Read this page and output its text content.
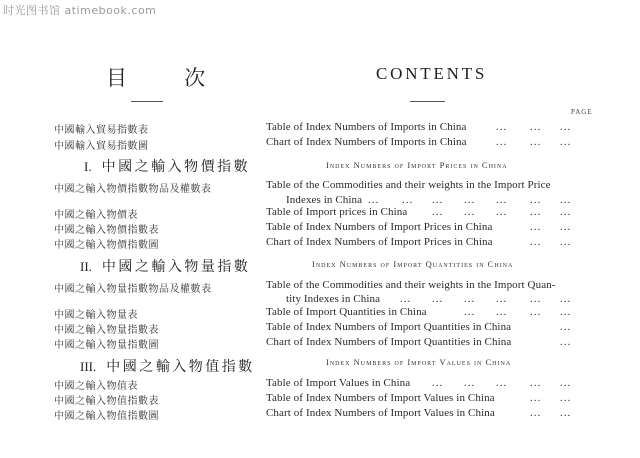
时光图书馆 atimebook.com
目 次	CONTENTS
PAGE
中國輸入貿易指數表	Table of Index Numbers of Imports in China	... ... ...
中國輸入貿易指數圖	Chart of Index Numbers of Imports in China	... ... ...
I. 中國之輸入物價指數	Index Numbers of Import Prices in China
中國之輸入物價指數物品及權數表	Table of the Commodities and their weights in the Import Price
Indexes in China ... ... ... ... ... ... ...
中國之輸入物價表	Table of Import prices in China ... ... ... ... ...
中國之輸入物價指數表	Table of Index Numbers of Import Prices in China	... ...
中國之輸入物價指數圖	Chart of Index Numbers of Import Prices in China	... ...
II. 中國之輸入物量指數	Index Numbers of Import Quantities in China
中國之輸入物量指數物品及權數表	Table of the Commodities and their weights in the Import Quan-
tity Indexes in China ... ... ... ... ... ...
中國之輸入物量表	Table of Import Quantities in China	... ... ... ...
中國之輸入物量指數表	Table of Index Numbers of Import Quantities in China	...
中國之輸入物量指數圖	Chart of Index Numbers of Import Quantities in China	...
III. 中國之輸入物值指數	Index Numbers of Import Values in China
中國之輸入物值表	Table of Import Values in China ... ... ... ... ...
中國之輸入物值指數表	Table of Index Numbers of Import Values in China	... ...
中國之輸入物值指數圖	Chart of Index Numbers of Import Values in China	... ...
